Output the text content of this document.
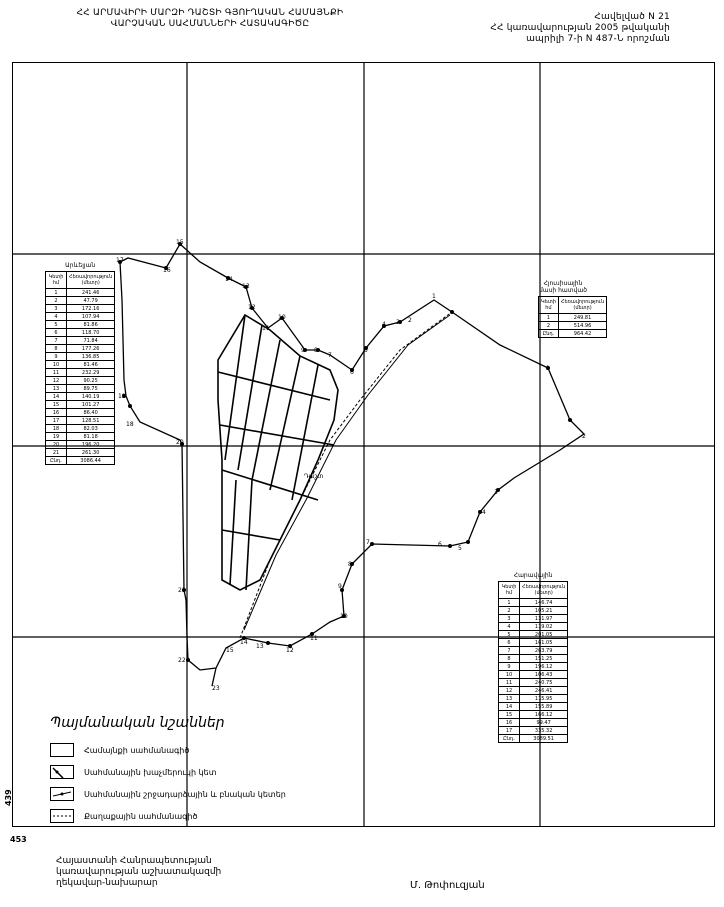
ՀՀ ԱՐՄԱՎԻՐԻ ՄԱՐԶԻ ԴԱՇՏԻ ԳՅՈՒՂԱԿԱՆ ՀԱՄԱՅՆՔԻ
ՎԱՐՉԱԿԱՆ ՍԱՀՄԱՆՆԵՐԻ ՀԱՏԱԿԱԳԻԾԸ
Հավելված N 21
ՀՀ կառավարության 2005 թվականի
ապրիլի 7-ի N 487-Ն որոշման
17
16
15
14
13
12
11
10
9 8
7
6
5
4 3 2
1
18
19
20
21
22
23
1
2
3
4
5
6
7
8
9
10
11
12
13
14
15
Դաշտ
Արևելյան
Կետի հմ	Հեռավորություն (մետր)
1	241.46
2	47.79
3	172.16
4	107.94
5	81.86
6	118.70
7	71.84
8	177.26
9	136.85
10	81.46
11	232.29
12	90.25
13	89.75
14	140.19
15	101.27
16	86.40
17	128.51
18	82.03
19	81.18
20	196.20
21	261.30
Ընդ.	3086.44
Հյուսիսային մասի հատված
Կետի հմ	Հեռավորություն (մետր)
1	249.81
2	514.96
Ընդ.	964.42
Հարավային
Կետի հմ	Հեռավորություն (մետր)
1	146.74
2	105.21
3	131.97
4	119.02
5	201.05
6	161.05
7	263.79
8	151.25
9	196.12
10	106.43
11	240.75
12	246.41
13	115.95
14	155.89
15	166.12
16	99.47
17	335.32
Ընդ.	3089.51
Պայմանական նշաններ
Համայնքի սահմանագիծ
Սահմանային խաչմերուկի կետ
Սահմանային շրջադարձային և բնական կետեր
Քաղաքային սահմանագիծ
439
453
Հայաստանի Հանրապետության
կառավարության աշխատակազմի
ղեկավար-նախարար	Մ. Թոփուզյան
